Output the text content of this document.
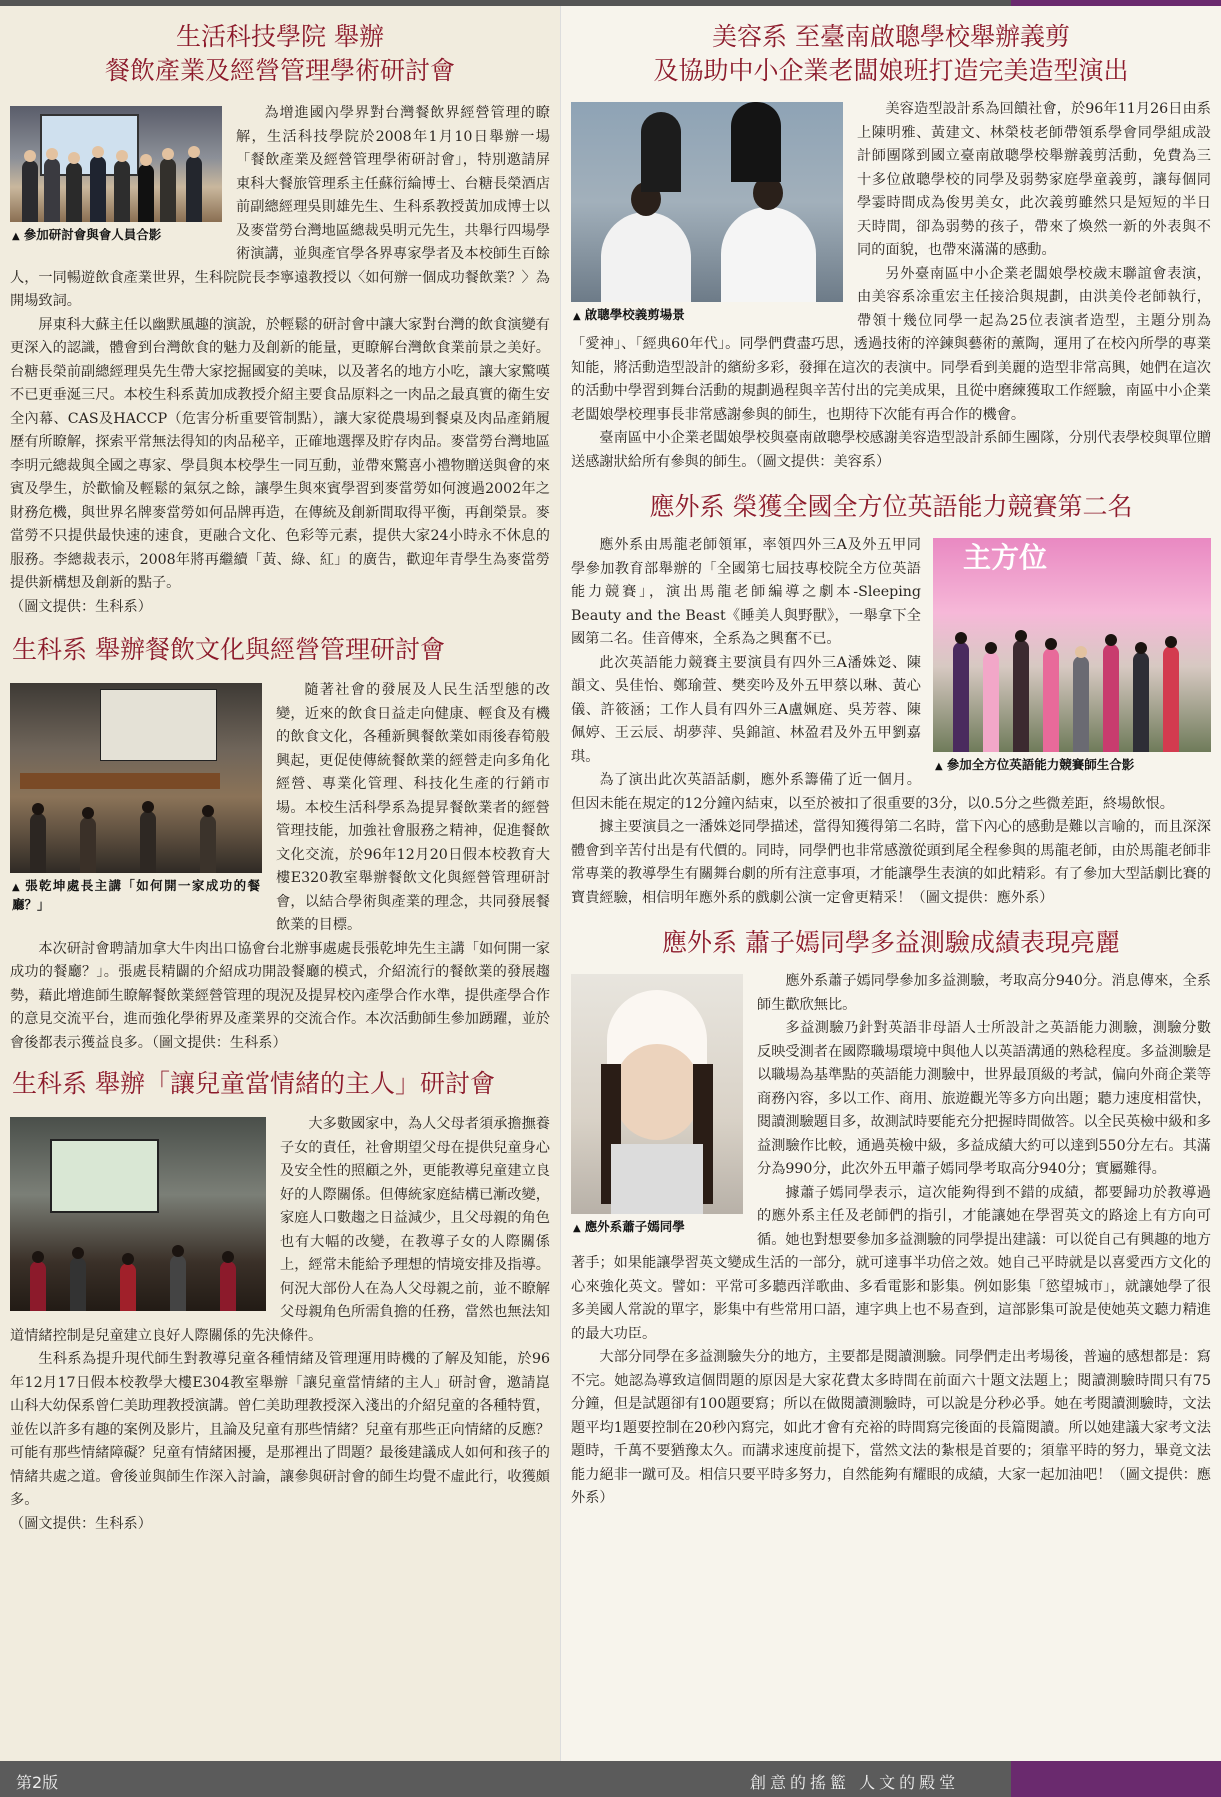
生活科技學院 舉辦
餐飲產業及經營管理學術研討會
▲ 參加研討會與會人員合影

為增進國內學界對台灣餐飲界經營管理的瞭解，生活科技學院於2008年1月10日舉辦一場「餐飲產業及經營管理學術研討會」，特別邀請屏東科大餐旅管理系主任蘇衍綸博士、台糖長榮酒店前副總經理吳則雄先生、生科系教授黃加成博士以及麥當勞台灣地區總裁吳明元先生，共舉行四場學術演講，並與產官學各界專家學者及本校師生百餘人，一同暢遊飲食產業世界，生科院院長李寧遠教授以〈如何辦一個成功餐飲業？〉為開場致詞。

屏東科大蘇主任以幽默風趣的演說，於輕鬆的研討會中讓大家對台灣的飲食演變有更深入的認識，體會到台灣飲食的魅力及創新的能量，更瞭解台灣飲食業前景之美好。台糖長榮前副總經理吳先生帶大家挖掘國宴的美味，以及著名的地方小吃，讓大家驚嘆不已更垂涎三尺。本校生科系黃加成教授介紹主要食品原料之一肉品之最真實的衛生安全內幕、CAS及HACCP（危害分析重要管制點），讓大家從農場到餐桌及肉品產銷履歷有所瞭解，探索平常無法得知的肉品秘辛，正確地選擇及貯存肉品。麥當勞台灣地區李明元總裁與全國之專家、學員與本校學生一同互動，並帶來驚喜小禮物贈送與會的來賓及學生，於歡愉及輕鬆的氣氛之餘，讓學生與來賓學習到麥當勞如何渡過2002年之財務危機，與世界名牌麥當勞如何品牌再造，在傳統及創新間取得平衡，再創榮景。麥當勞不只提供最快速的速食，更融合文化、色彩等元素，提供大家24小時永不休息的服務。李總裁表示，2008年將再繼續「黃、綠、紅」的廣告，歡迎年青學生為麥當勞提供新構想及創新的點子。

（圖文提供：生科系）

生科系 舉辦餐飲文化與經營管理研討會
▲ 張乾坤處長主講「如何開一家成功的餐廳？」

隨著社會的發展及人民生活型態的改變，近來的飲食日益走向健康、輕食及有機的飲食文化，各種新興餐飲業如雨後春筍般興起，更促使傳統餐飲業的經營走向多角化經營、專業化管理、科技化生產的行銷市場。本校生活科學系為提昇餐飲業者的經營管理技能，加強社會服務之精神，促進餐飲文化交流，於96年12月20日假本校教育大樓E320教室舉辦餐飲文化與經營管理研討會，以結合學術與產業的理念，共同發展餐飲業的目標。

本次研討會聘請加拿大牛肉出口協會台北辦事處處長張乾坤先生主講「如何開一家成功的餐廳？」。張處長精闢的介紹成功開設餐廳的模式，介紹流行的餐飲業的發展趨勢，藉此增進師生瞭解餐飲業經營管理的現況及提昇校內產學合作水準，提供產學合作的意見交流平台，進而強化學術界及產業界的交流合作。本次活動師生參加踴躍，並於會後都表示獲益良多。（圖文提供：生科系）

生科系 舉辦「讓兒童當情緒的主人」研討會

大多數國家中，為人父母者須承擔撫養子女的責任，社會期望父母在提供兒童身心及安全性的照顧之外，更能教導兒童建立良好的人際關係。但傳統家庭結構已漸改變，家庭人口數趨之日益減少，且父母親的角色也有大幅的改變，在教導子女的人際關係上，經常未能給予理想的情境安排及指導。何況大部份人在為人父母親之前，並不瞭解父母親角色所需負擔的任務，當然也無法知道情緒控制是兒童建立良好人際關係的先決條件。

生科系為提升現代師生對教導兒童各種情緒及管理運用時機的了解及知能，於96年12月17日假本校教學大樓E304教室舉辦「讓兒童當情緒的主人」研討會，邀請崑山科大幼保系曾仁美助理教授演講。曾仁美助理教授深入淺出的介紹兒童的各種特質，並佐以許多有趣的案例及影片，且論及兒童有那些情緒？兒童有那些正向情緒的反應？可能有那些情緒障礙？兒童有情緒困擾，是那裡出了問題？最後建議成人如何和孩子的情緒共處之道。會後並與師生作深入討論，讓參與研討會的師生均覺不虛此行，收獲頗多。

（圖文提供：生科系）

美容系 至臺南啟聰學校舉辦義剪
及協助中小企業老闆娘班打造完美造型演出
▲ 啟聰學校義剪場景

美容造型設計系為回饋社會，於96年11月26日由系上陳明雅、黃建文、林榮枝老師帶領系學會同學組成設計師團隊到國立臺南啟聰學校舉辦義剪活動，免費為三十多位啟聰學校的同學及弱勢家庭學童義剪，讓每個同學霎時間成為俊男美女，此次義剪雖然只是短短的半日天時間，卻為弱勢的孩子，帶來了煥然一新的外表與不同的面貌，也帶來滿滿的感動。

另外臺南區中小企業老闆娘學校歲末聯誼會表演，由美容系凃重宏主任接洽與規劃，由洪美伶老師執行，帶領十幾位同學一起為25位表演者造型，主題分別為「愛神」、「經典60年代」。同學們費盡巧思，透過技術的淬鍊與藝術的薰陶，運用了在校內所學的專業知能，將活動造型設計的繽紛多彩，發揮在這次的表演中。同學看到美麗的造型非常高興，她們在這次的活動中學習到舞台活動的規劃過程與辛苦付出的完美成果，且從中磨練獲取工作經驗，南區中小企業老闆娘學校理事長非常感謝參與的師生，也期待下次能有再合作的機會。

臺南區中小企業老闆娘學校與臺南啟聰學校感謝美容造型設計系師生團隊，分別代表學校與單位贈送感謝狀給所有參與的師生。（圖文提供：美容系）

應外系 榮獲全國全方位英語能力競賽第二名
主方位
▲ 參加全方位英語能力競賽師生合影

應外系由馬龍老師領軍，率領四外三A及外五甲同學參加教育部舉辦的「全國第七屆技專校院全方位英語能力競賽」，演出馬龍老師編導之劇本-Sleeping Beauty and the Beast《睡美人與野獸》，一舉拿下全國第二名。佳音傳來，全系為之興奮不已。

此次英語能力競賽主要演員有四外三A潘姝彣、陳韻文、吳佳怡、鄭瑜萱、樊奕吟及外五甲蔡以琳、黃心儀、許筱涵；工作人員有四外三A盧姵庭、吳芳蓉、陳佩婷、王云辰、胡夢萍、吳錦諠、林盈君及外五甲劉嘉琪。

為了演出此次英語話劇，應外系籌備了近一個月。但因未能在規定的12分鐘內結束，以至於被扣了很重要的3分，以0.5分之些微差距，終場飲恨。

據主要演員之一潘姝彣同學描述，當得知獲得第二名時，當下內心的感動是難以言喻的，而且深深體會到辛苦付出是有代價的。同時，同學們也非常感激從頭到尾全程參與的馬龍老師，由於馬龍老師非常專業的教導學生有關舞台劇的所有注意事項，才能讓學生表演的如此精彩。有了參加大型話劇比賽的寶貴經驗，相信明年應外系的戲劇公演一定會更精采！（圖文提供：應外系）

應外系 蕭子嫣同學多益測驗成績表現亮麗
▲ 應外系蕭子嫣同學

應外系蕭子嫣同學參加多益測驗，考取高分940分。消息傳來，全系師生歡欣無比。

多益測驗乃針對英語非母語人士所設計之英語能力測驗，測驗分數反映受測者在國際職場環境中與他人以英語溝通的熟稔程度。多益測驗是以職場為基準點的英語能力測驗中，世界最頂級的考試，偏向外商企業等商務內容，多以工作、商用、旅遊觀光等多方向出題；聽力速度相當快，閱讀測驗題目多，故測試時要能充分把握時間做答。以全民英檢中級和多益測驗作比較，通過英檢中級，多益成績大約可以達到550分左右。其滿分為990分，此次外五甲蕭子嫣同學考取高分940分；實屬難得。

據蕭子嫣同學表示，這次能夠得到不錯的成績，都要歸功於教導過的應外系主任及老師們的指引，才能讓她在學習英文的路途上有方向可循。她也對想要參加多益測驗的同學提出建議：可以從自己有興趣的地方著手；如果能讓學習英文變成生活的一部分，就可達事半功倍之效。她自己平時就是以喜愛西方文化的心來強化英文。譬如：平常可多聽西洋歌曲、多看電影和影集。例如影集「慾望城市」，就讓她學了很多美國人常說的單字，影集中有些常用口語，連字典上也不易查到，這部影集可說是使她英文聽力精進的最大功臣。

大部分同學在多益測驗失分的地方，主要都是閱讀測驗。同學們走出考場後，普遍的感想都是：寫不完。她認為導致這個問題的原因是大家花費太多時間在前面六十題文法題上；閱讀測驗時間只有75分鐘，但是試題卻有100題要寫；所以在做閱讀測驗時，可以說是分秒必爭。她在考閱讀測驗時，文法題平均1題要控制在20秒內寫完，如此才會有充裕的時間寫完後面的長篇閱讀。所以她建議大家考文法題時，千萬不要猶豫太久。而講求速度前提下，當然文法的紮根是首要的；須靠平時的努力，畢竟文法能力絕非一蹴可及。相信只要平時多努力，自然能夠有耀眼的成績，大家一起加油吧！（圖文提供：應外系）

第2版	創意的搖籃 人文的殿堂
